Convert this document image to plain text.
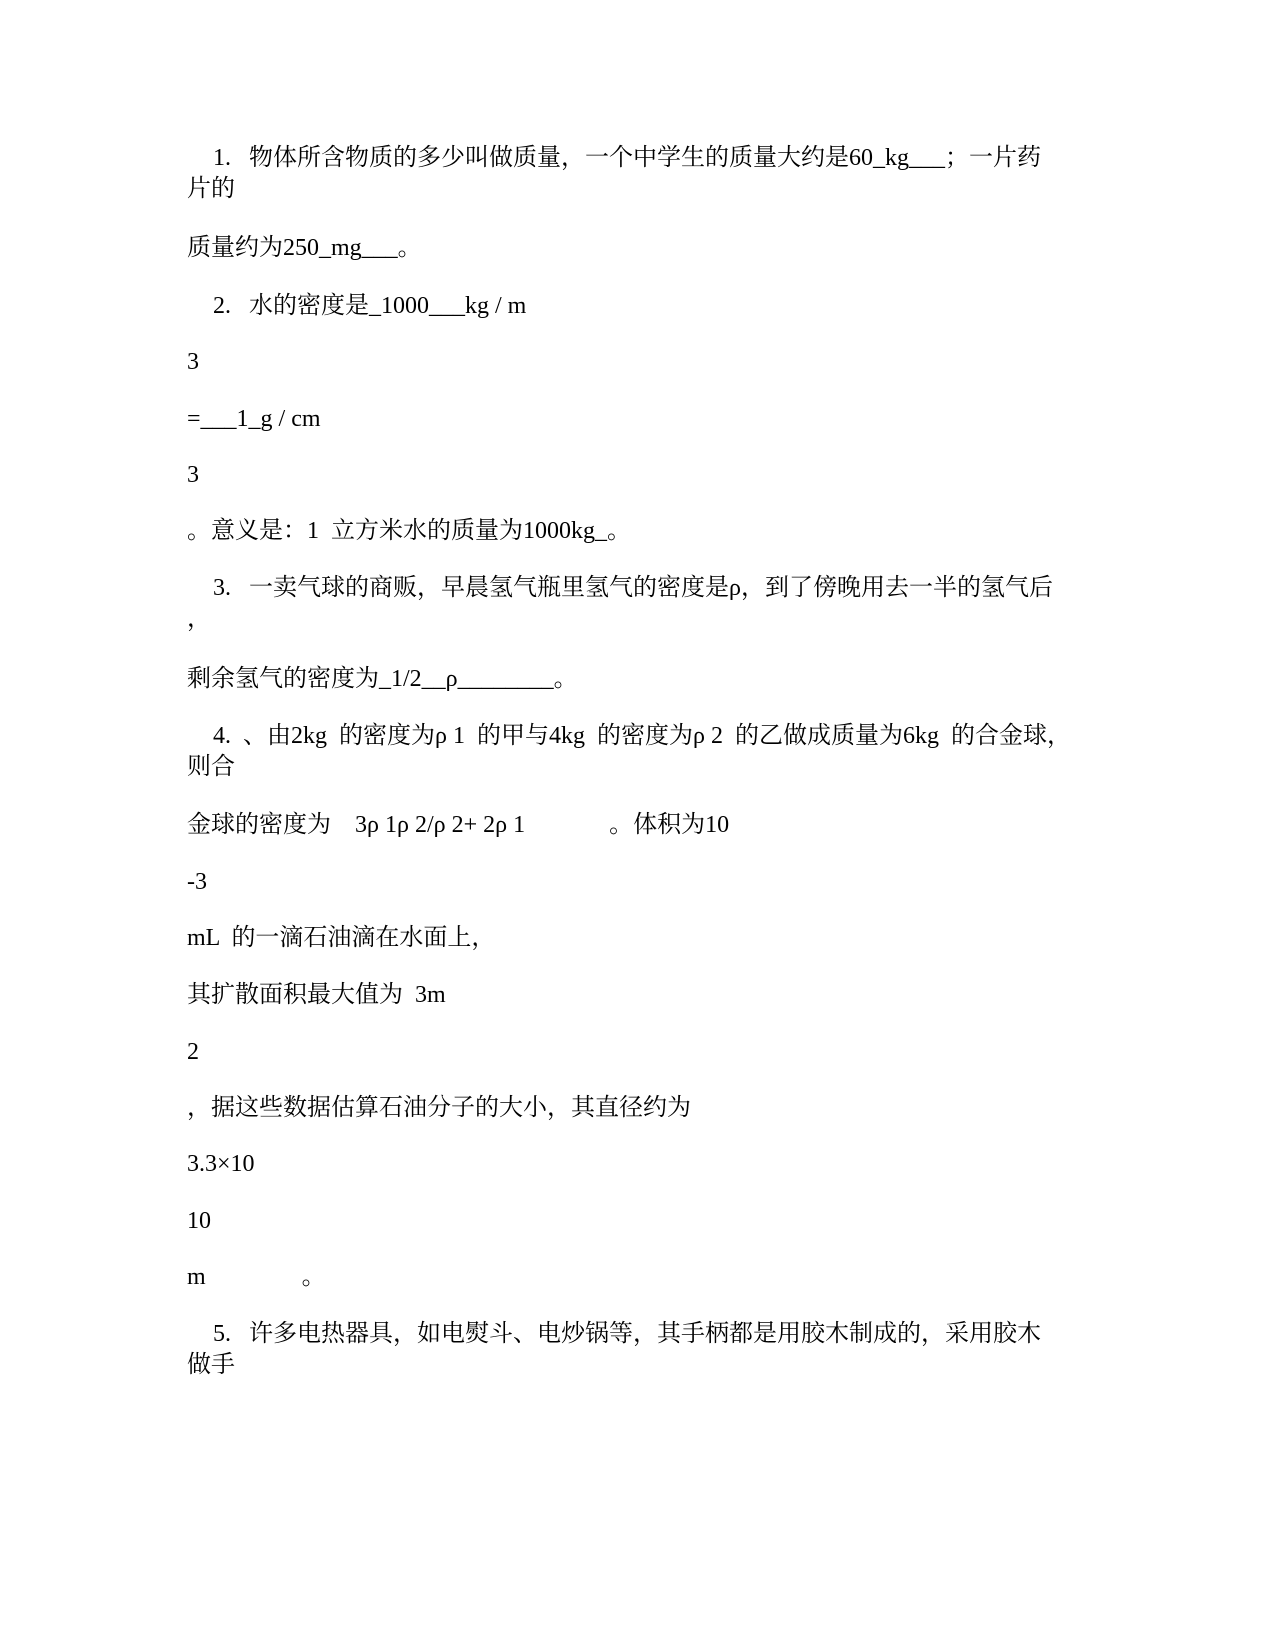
1.   物体所含物质的多少叫做质量，一个中学生的质量大约是60_kg___；一片药
片的
质量约为250_mg___。
2.   水的密度是_1000___kg / m
3
=___1_g / cm
3
。意义是：1  立方米水的质量为1000kg_。
3.   一卖气球的商贩，早晨氢气瓶里氢气的密度是ρ，到了傍晚用去一半的氢气后
，
剩余氢气的密度为_1/2__ρ________。
4.  、由2kg  的密度为ρ 1  的甲与4kg  的密度为ρ 2  的乙做成质量为6kg  的合金球，
则合
金球的密度为    3ρ 1ρ 2/ρ 2+ 2ρ 1              。体积为10
-3
mL  的一滴石油滴在水面上，
其扩散面积最大值为  3m
2
，据这些数据估算石油分子的大小，其直径约为
3.3×10
10
m                。
5.   许多电热器具，如电熨斗、电炒锅等，其手柄都是用胶木制成的，采用胶木
做手
